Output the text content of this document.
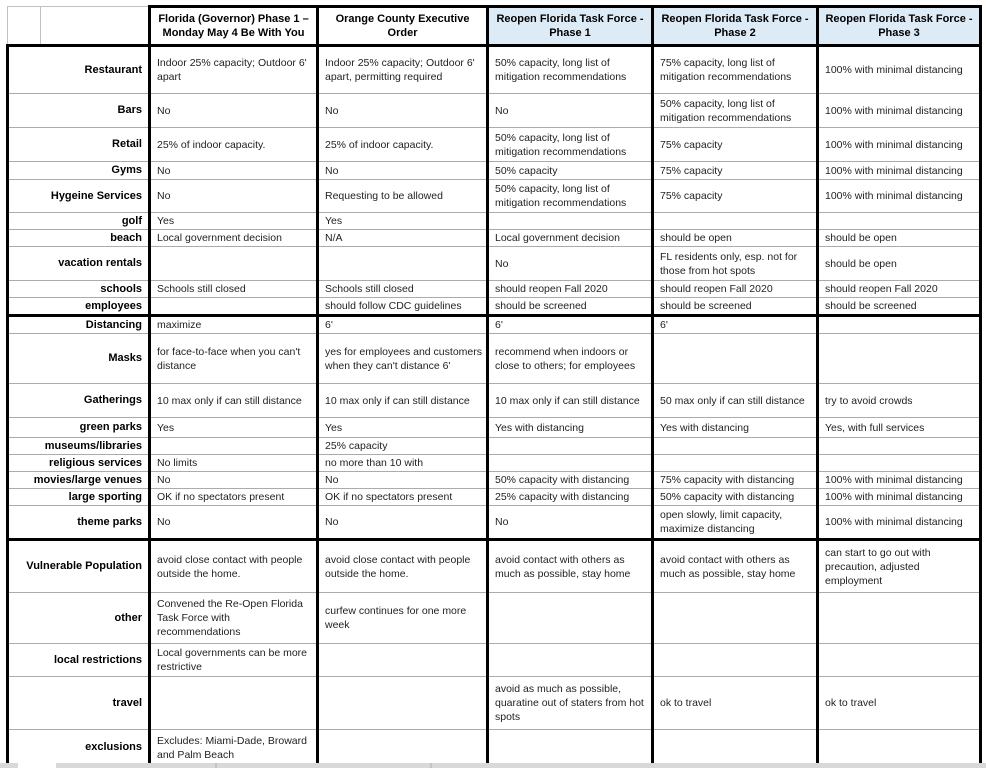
	Florida (Governor) Phase 1 – Monday May 4 Be With You	Orange County Executive Order	Reopen Florida Task Force - Phase 1	Reopen Florida Task Force - Phase 2	Reopen Florida Task Force - Phase 3
Restaurant	Indoor 25% capacity; Outdoor 6' apart	Indoor 25% capacity; Outdoor 6' apart, permitting required	50% capacity, long list of mitigation recommendations	75% capacity, long list of mitigation recommendations	100% with minimal distancing
Bars	No	No	No	50% capacity, long list of mitigation recommendations	100% with minimal distancing
Retail	25% of indoor capacity.	25% of indoor capacity.	50% capacity, long list of mitigation recommendations	75% capacity	100% with minimal distancing
Gyms	No	No	50% capacity	75% capacity	100% with minimal distancing
Hygeine Services	No	Requesting to be allowed	50% capacity, long list of mitigation recommendations	75% capacity	100% with minimal distancing
golf	Yes	Yes			
beach	Local government decision	N/A	Local government decision	should be open	should be open
vacation rentals			No	FL residents only, esp. not for those from hot spots	should be open
schools	Schools still closed	Schools still closed	should reopen Fall 2020	should reopen Fall 2020	should reopen Fall 2020
employees		should follow CDC guidelines	should be screened	should be screened	should be screened
Distancing	maximize	6'	6'	6'	
Masks	for face-to-face when you can't distance	yes for employees and customers when they can't distance 6'	recommend when indoors or close to others; for employees		
Gatherings	10 max only if can still distance	10 max only if can still distance	10 max only if can still distance	50 max only if can still distance	try to avoid crowds
green parks	Yes	Yes	Yes with distancing	Yes with distancing	Yes, with full services
museums/libraries		25% capacity			
religious services	No limits	no more than 10 with			
movies/large venues	No	No	50% capacity with distancing	75% capacity with distancing	100% with minimal distancing
large sporting	OK if no spectators present	OK if no spectators present	25% capacity with distancing	50% capacity with distancing	100% with minimal distancing
theme parks	No	No	No	open slowly, limit capacity, maximize distancing	100% with minimal distancing
Vulnerable Population	avoid close contact with people outside the home.	avoid close contact with people outside the home.	avoid contact with others as much as possible, stay home	avoid contact with others as much as possible, stay home	can start to go out with precaution, adjusted employment
other	Convened the Re-Open Florida Task Force with recommendations	curfew continues for one more week			
local restrictions	Local governments can be more restrictive				
travel			avoid as much as possible, quaratine out of staters from hot spots	ok to travel	ok to travel
exclusions	Excludes: Miami-Dade, Broward and Palm Beach				
